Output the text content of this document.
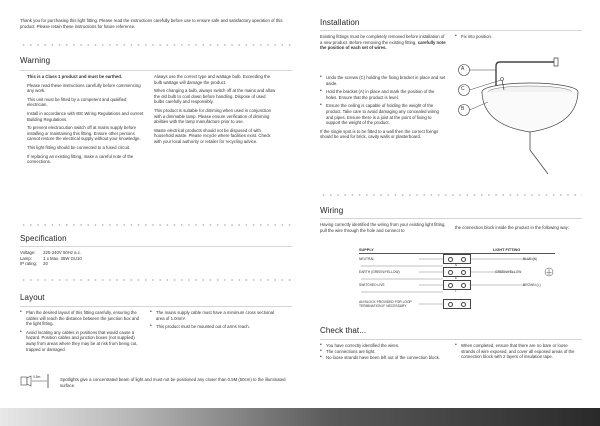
Thank you for purchasing this light fitting. Please read the instructions carefully before use to ensure safe and satisfactory operation of this product. Please retain these instructions for future reference.

Warning

This is a Class 1 product and must be earthed.

Please read these instructions carefully before commencing any work.

This unit must be fitted by a competent and qualified electrician.

Install in accordance with IEE Wiring Regulations and current Building Regulations.

To prevent electrocution switch off at mains supply before installing or maintaining this fitting. Ensure other persons cannot restore the electrical supply without your knowledge.

This light fitting should be connected to a fused circuit.

If replacing an existing fitting, make a careful note of the connections.

Always use the correct type and wattage bulb. Exceeding the bulb wattage will damage the product.

When changing a bulb, always switch off at the mains and allow the old bulb to cool down before handling. Dispose of used bulbs carefully and responsibly.

This product is suitable for dimming when used in conjunction with a dimmable lamp. Please ensure verification of dimming abilities with the lamp manufacture prior to use.

Waste electrical products should not be disposed of with household waste. Please recycle where facilities exist. Check with your local authority or retailer for recycling advice.

Specification
Voltage:	220-240V 50Hz a.c.
Lamp:	1 x Max. 35W GU10
IP rating:	20
Layout
• Plan the desired layout of this fitting carefully, ensuring the cables will reach the distance between the junction box and the light fitting.
• Avoid locating any cables in positions that would cause a hazard. Position cables and junction boxes (not supplied) away from areas where they may be at risk from being cut, trapped or damaged.
• The mains supply cable must have a minimum cross sectional area of 1.0mm².
• This product must be mounted out of arms reach.
0.5m	Spotlights give a concentrated beam of light and must not be positioned any closer than 0.5M (50cm) to the illuminated surface.

Installation

Existing fittings must be completely removed before installation of a new product. Before removing the existing fitting, carefully note the position of each set of wires.

• Fix into position.
• Undo the screws (C) holding the fixing bracket in place and set aside.
• Hold the bracket (A) in place and mark the position of the holes. Ensure that the product is level.
• Ensure the ceiling is capable of holding the weight of the product. Take care to avoid damaging any concealed wiring and pipes. Ensure there is a joist at the point of fixing to support the weight of the product.

If the single spot is to be fitted to a wall then the correct fixings should be used for brick, cavity walls or plasterboard.

A
B
C
Wiring

Having correctly identified the wiring from your existing light fitting, pull the wire through the hole and connect to

the connection block inside the product in the following way:

SUPPLY	LIGHT FITTING
NEUTRAL
EARTH (GREEN/YELLOW)
SWITCHED LIVE
AN BLOCK PROVIDED FOR LOOP TERMINATION IF NECESSARY
N
E
L
BLUE (N)
GREEN/YELLOW
BROWN (L)
Check that...
• You have correctly identified the wires.
• The connections are tight.
• No loose strands have been left out of the connection block.
• When completed, ensure that there are no bare or loose strands of wire exposed, and cover all exposed areas of the connection block with 2 layers of insulation tape.
